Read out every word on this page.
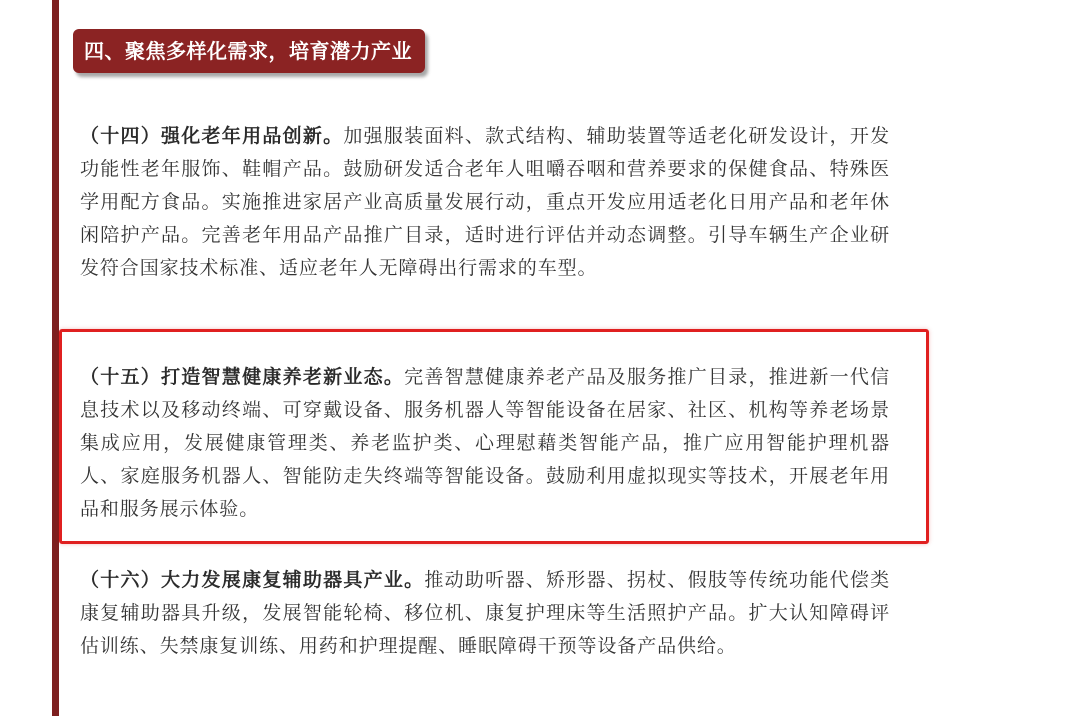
四、聚焦多样化需求，培育潜力产业

（十四）强化老年用品创新。加强服装面料、款式结构、辅助装置等适老化研发设计，开发功能性老年服饰、鞋帽产品。鼓励研发适合老年人咀嚼吞咽和营养要求的保健食品、特殊医学用配方食品。实施推进家居产业高质量发展行动，重点开发应用适老化日用产品和老年休闲陪护产品。完善老年用品产品推广目录，适时进行评估并动态调整。引导车辆生产企业研发符合国家技术标准、适应老年人无障碍出行需求的车型。

（十五）打造智慧健康养老新业态。完善智慧健康养老产品及服务推广目录，推进新一代信息技术以及移动终端、可穿戴设备、服务机器人等智能设备在居家、社区、机构等养老场景集成应用，发展健康管理类、养老监护类、心理慰藉类智能产品，推广应用智能护理机器人、家庭服务机器人、智能防走失终端等智能设备。鼓励利用虚拟现实等技术，开展老年用品和服务展示体验。

（十六）大力发展康复辅助器具产业。推动助听器、矫形器、拐杖、假肢等传统功能代偿类康复辅助器具升级，发展智能轮椅、移位机、康复护理床等生活照护产品。扩大认知障碍评估训练、失禁康复训练、用药和护理提醒、睡眠障碍干预等设备产品供给。
